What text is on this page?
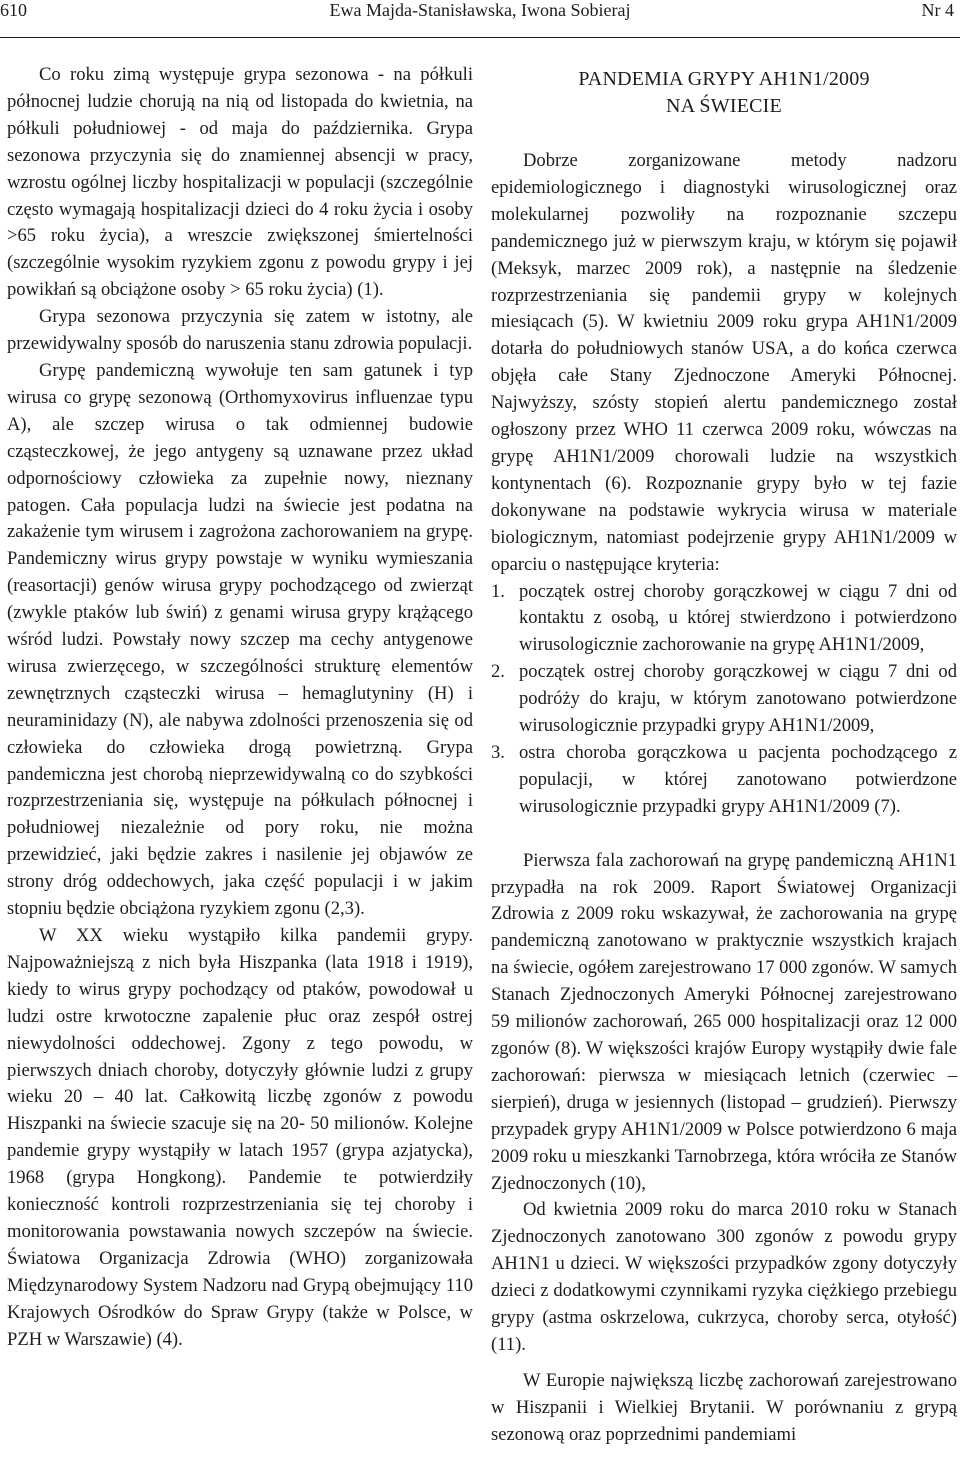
610	Ewa Majda-Stanisławska, Iwona Sobieraj	Nr 4

Co roku zimą występuje grypa sezonowa - na półkuli północnej ludzie chorują na nią od listopada do kwietnia, na półkuli południowej - od maja do października. Grypa sezonowa przyczynia się do znamiennej absencji w pracy, wzrostu ogólnej liczby hospitalizacji w populacji (szczególnie często wymagają hospitalizacji dzieci do 4 roku życia i osoby >65 roku życia), a wreszcie zwiększonej śmiertelności (szczególnie wysokim ryzykiem zgonu z powodu grypy i jej powikłań są obciążone osoby > 65 roku życia) (1).

Grypa sezonowa przyczynia się zatem w istotny, ale przewidywalny sposób do naruszenia stanu zdrowia populacji.

Grypę pandemiczną wywołuje ten sam gatunek i typ wirusa co grypę sezonową (Orthomyxovirus influenzae typu A), ale szczep wirusa o tak odmiennej budowie cząsteczkowej, że jego antygeny są uznawane przez układ odpornościowy człowieka za zupełnie nowy, nieznany patogen. Cała populacja ludzi na świecie jest podatna na zakażenie tym wirusem i zagrożona zachorowaniem na grypę. Pandemiczny wirus grypy powstaje w wyniku wymieszania (reasortacji) genów wirusa grypy pochodzącego od zwierząt (zwykle ptaków lub świń) z genami wirusa grypy krążącego wśród ludzi. Powstały nowy szczep ma cechy antygenowe wirusa zwierzęcego, w szczególności strukturę elementów zewnętrznych cząsteczki wirusa – hemaglutyniny (H) i neuraminidazy (N), ale nabywa zdolności przenoszenia się od człowieka do człowieka drogą powietrzną. Grypa pandemiczna jest chorobą nieprzewidywalną co do szybkości rozprzestrzeniania się, występuje na półkulach północnej i południowej niezależnie od pory roku, nie można przewidzieć, jaki będzie zakres i nasilenie jej objawów ze strony dróg oddechowych, jaka część populacji i w jakim stopniu będzie obciążona ryzykiem zgonu (2,3).

W XX wieku wystąpiło kilka pandemii grypy. Najpoważniejszą z nich była Hiszpanka (lata 1918 i 1919), kiedy to wirus grypy pochodzący od ptaków, powodował u ludzi ostre krwotoczne zapalenie płuc oraz zespół ostrej niewydolności oddechowej. Zgony z tego powodu, w pierwszych dniach choroby, dotyczyły głównie ludzi z grupy wieku 20 – 40 lat. Całkowitą liczbę zgonów z powodu Hiszpanki na świecie szacuje się na 20- 50 milionów. Kolejne pandemie grypy wystąpiły w latach 1957 (grypa azjatycka), 1968 (grypa Hongkong). Pandemie te potwierdziły konieczność kontroli rozprzestrzeniania się tej choroby i monitorowania powstawania nowych szczepów na świecie. Światowa Organizacja Zdrowia (WHO) zorganizowała Międzynarodowy System Nadzoru nad Grypą obejmujący 110 Krajowych Ośrodków do Spraw Grypy (także w Polsce, w PZH w Warszawie) (4).

PANDEMIA GRYPY AH1N1/2009
NA ŚWIECIE

Dobrze zorganizowane metody nadzoru epidemiologicznego i diagnostyki wirusologicznej oraz molekularnej pozwoliły na rozpoznanie szczepu pandemicznego już w pierwszym kraju, w którym się pojawił (Meksyk, marzec 2009 rok), a następnie na śledzenie rozprzestrzeniania się pandemii grypy w kolejnych miesiącach (5). W kwietniu 2009 roku grypa AH1N1/2009 dotarła do południowych stanów USA, a do końca czerwca objęła całe Stany Zjednoczone Ameryki Północnej. Najwyższy, szósty stopień alertu pandemicznego został ogłoszony przez WHO 11 czerwca 2009 roku, wówczas na grypę AH1N1/2009 chorowali ludzie na wszystkich kontynentach (6). Rozpoznanie grypy było w tej fazie dokonywane na podstawie wykrycia wirusa w materiale biologicznym, natomiast podejrzenie grypy AH1N1/2009 w oparciu o następujące kryteria:

1. początek ostrej choroby gorączkowej w ciągu 7 dni od kontaktu z osobą, u której stwierdzono i potwierdzono wirusologicznie zachorowanie na grypę AH1N1/2009,
2. początek ostrej choroby gorączkowej w ciągu 7 dni od podróży do kraju, w którym zanotowano potwierdzone wirusologicznie przypadki grypy AH1N1/2009,
3. ostra choroba gorączkowa u pacjenta pochodzącego z populacji, w której zanotowano potwierdzone wirusologicznie przypadki grypy AH1N1/2009 (7).

Pierwsza fala zachorowań na grypę pandemiczną AH1N1 przypadła na rok 2009. Raport Światowej Organizacji Zdrowia z 2009 roku wskazywał, że zachorowania na grypę pandemiczną zanotowano w praktycznie wszystkich krajach na świecie, ogółem zarejestrowano 17 000 zgonów. W samych Stanach Zjednoczonych Ameryki Północnej zarejestrowano 59 milionów zachorowań, 265 000 hospitalizacji oraz 12 000 zgonów (8). W większości krajów Europy wystąpiły dwie fale zachorowań: pierwsza w miesiącach letnich (czerwiec – sierpień), druga w jesiennych (listopad – grudzień). Pierwszy przypadek grypy AH1N1/2009 w Polsce potwierdzono 6 maja 2009 roku u mieszkanki Tarnobrzega, która wróciła ze Stanów Zjednoczonych (10),

Od kwietnia 2009 roku do marca 2010 roku w Stanach Zjednoczonych zanotowano 300 zgonów z powodu grypy AH1N1 u dzieci. W większości przypadków zgony dotyczyły dzieci z dodatkowymi czynnikami ryzyka ciężkiego przebiegu grypy (astma oskrzelowa, cukrzyca, choroby serca, otyłość) (11).

W Europie największą liczbę zachorowań zarejestrowano w Hiszpanii i Wielkiej Brytanii. W porównaniu z grypą sezonową oraz poprzednimi pandemiami
